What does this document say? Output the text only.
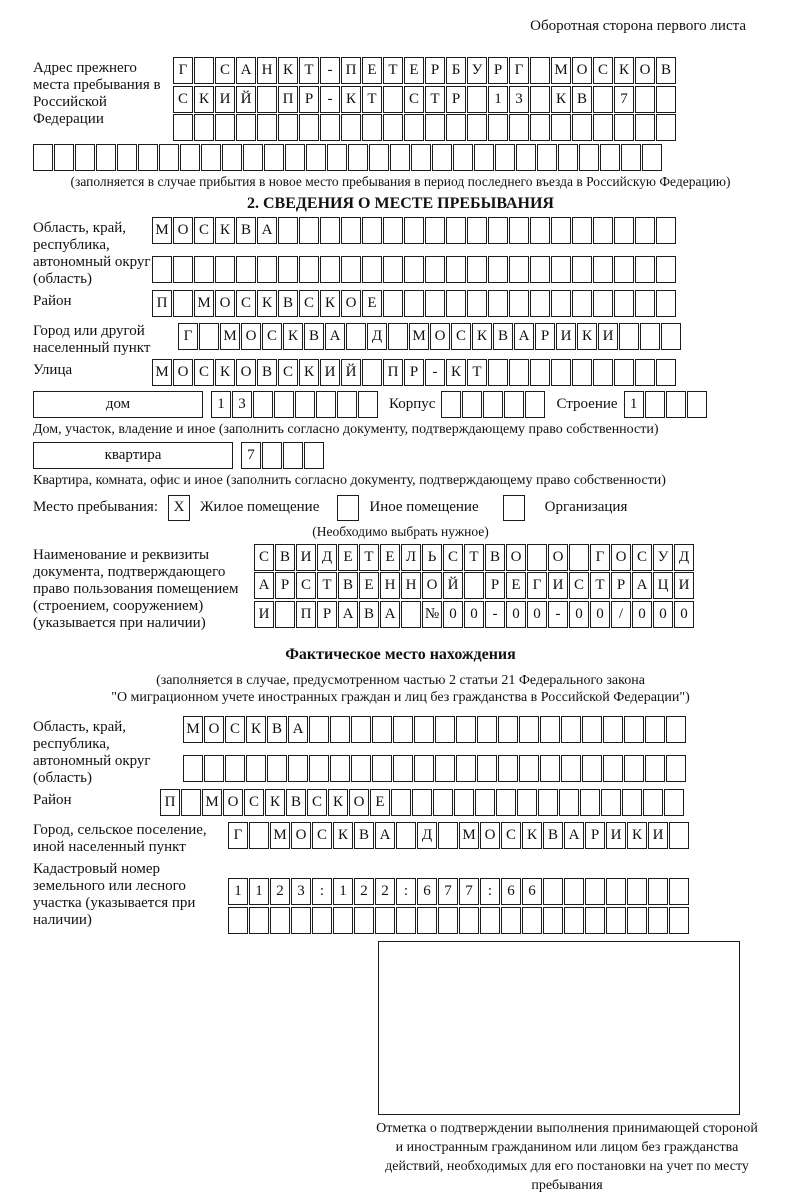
Оборотная сторона первого листа
Адрес прежнего места пребывания в Российской Федерации
Г	С А Н К Т - П Е Т Е Р Б У Р Г	М О С К О В
С К И Й	П Р - К Т	С Т Р	1 3	К В	7
(заполняется в случае прибытия в новое место пребывания в период последнего въезда в Российскую Федерацию)
2. СВЕДЕНИЯ О МЕСТЕ ПРЕБЫВАНИЯ
Область, край, республика, автономный округ (область)
М О С К В А
Район	П	М О С К В С К О Е
Город или другой населенный пункт
Г	М О С К В А	Д	М О С К В А Р И К И
Улица	М О С К О В С К И Й	П Р - К Т
дом	1 3	Корпус	Строение 1
Дом, участок, владение и иное (заполнить согласно документу, подтверждающему право собственности)
квартира	7
Квартира, комната, офис и иное (заполнить согласно документу, подтверждающему право собственности)
Место пребывания:	X	Жилое помещение	Иное помещение	Организация
(Необходимо выбрать нужное)
Наименование и реквизиты документа, подтверждающего право пользования помещением (строением, сооружением) (указывается при наличии)
С В И Д Е Т Е Л Ь С Т В О	О	Г О С У Д
А Р С Т В Е Н Н О Й	Р Е Г И С Т Р А Ц И
И	П Р А В А	№ 0 0 - 0 0 - 0 0	/	0 0 0
Фактическое место нахождения
(заполняется в случае, предусмотренном частью 2 статьи 21 Федерального закона
"О миграционном учете иностранных граждан и лиц без гражданства в Российской Федерации")
Область, край, республика, автономный округ (область)
М О С К В А
Район	П	М О С К В С К О Е
Город, сельское поселение, иной населенный пункт
Г	М О С К В А	Д	М О С К В А Р И К И
Кадастровый номер земельного или лесного участка (указывается при наличии)
1 1 2 3	:	1 2 2	:	6 7 7	:	6 6
Отметка о подтверждении выполнения принимающей стороной и иностранным гражданином или лицом без гражданства действий, необходимых для его постановки на учет по месту пребывания
